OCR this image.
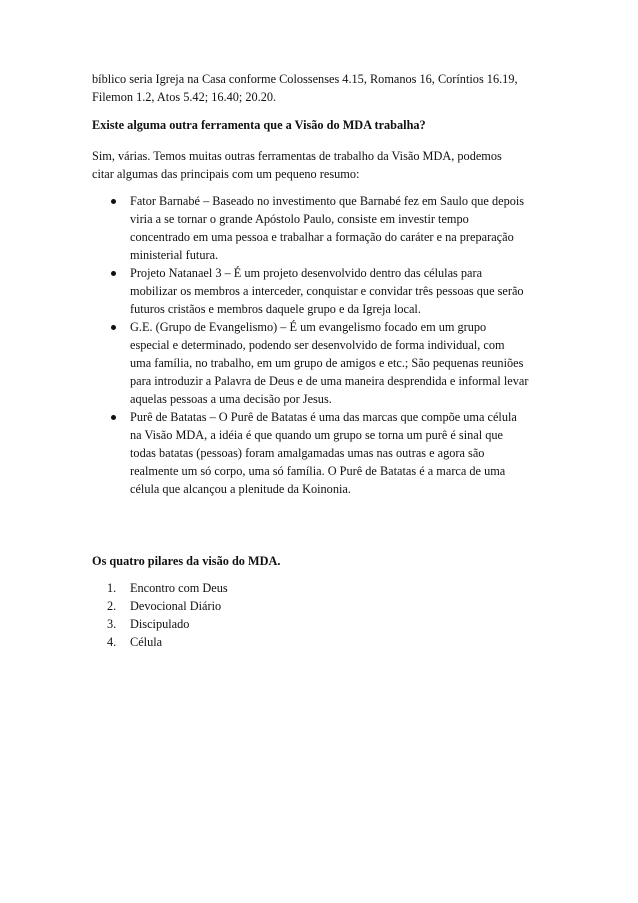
bíblico seria Igreja na Casa conforme Colossenses 4.15, Romanos 16, Coríntios 16.19,

Filemon 1.2, Atos 5.42; 16.40; 20.20.

Existe alguma outra ferramenta que a Visão do MDA trabalha?

Sim, várias. Temos muitas outras ferramentas de trabalho da Visão MDA, podemos

citar algumas das principais com um pequeno resumo:

Fator Barnabé – Baseado no investimento que Barnabé fez em Saulo que depois

viria a se tornar o grande Apóstolo Paulo, consiste em investir tempo

concentrado em uma pessoa e trabalhar a formação do caráter e na preparação

ministerial futura.

Projeto Natanael 3 – É um projeto desenvolvido dentro das células para

mobilizar os membros a interceder, conquistar e convidar três pessoas que serão

futuros cristãos e membros daquele grupo e da Igreja local.

G.E. (Grupo de Evangelismo) – É um evangelismo focado em um grupo

especial e determinado, podendo ser desenvolvido de forma individual, com

uma família, no trabalho, em um grupo de amigos e etc.; São pequenas reuniões

para introduzir a Palavra de Deus e de uma maneira desprendida e informal levar

aquelas pessoas a uma decisão por Jesus.

Purê de Batatas – O Purê de Batatas é uma das marcas que compõe uma célula

na Visão MDA, a idéia é que quando um grupo se torna um purê é sinal que

todas batatas (pessoas) foram amalgamadas umas nas outras e agora são

realmente um só corpo, uma só família. O Purê de Batatas é a marca de uma

célula que alcançou a plenitude da Koinonia.

Os quatro pilares da visão do MDA.

1. Encontro com Deus
2. Devocional Diário
3. Discipulado
4. Célula
